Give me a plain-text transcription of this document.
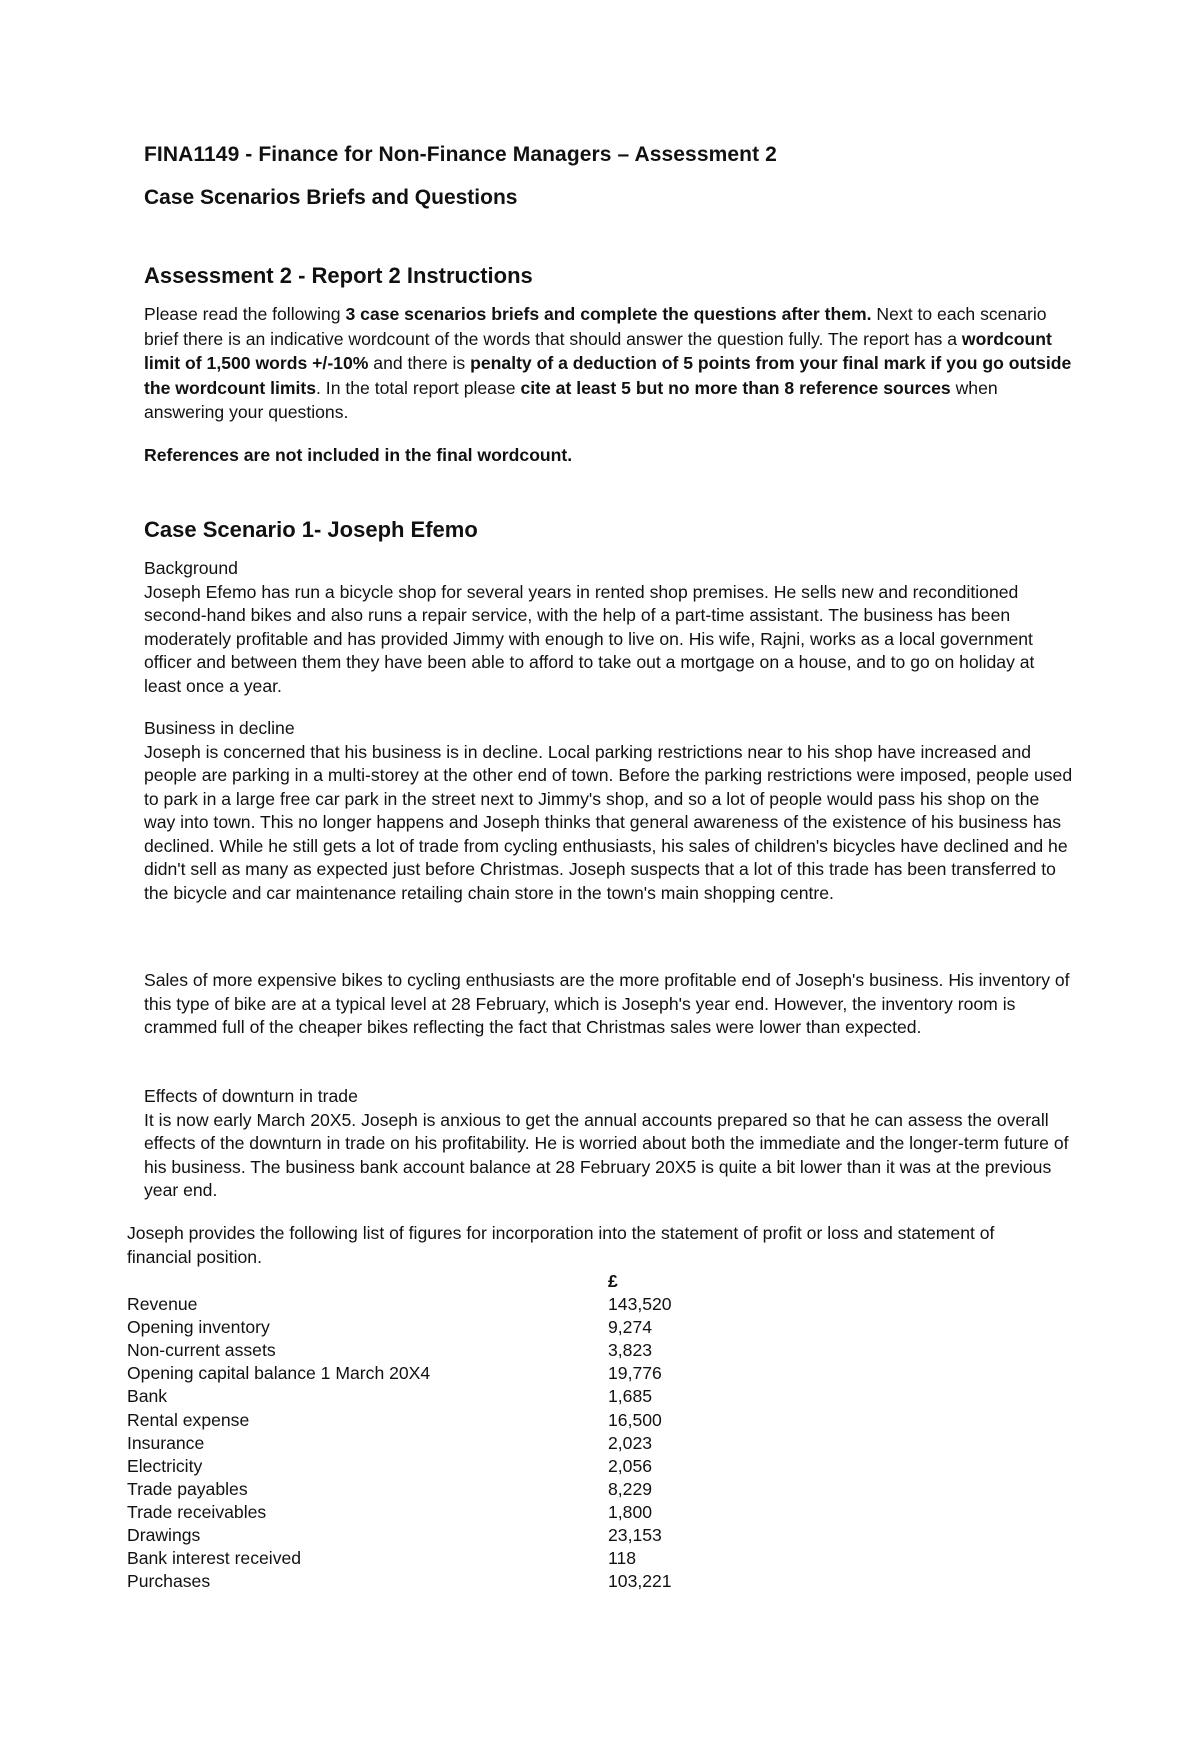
FINA1149 - Finance for Non-Finance Managers – Assessment 2
Case Scenarios Briefs and Questions
Assessment 2 - Report 2 Instructions

Please read the following 3 case scenarios briefs and complete the questions after them. Next to each scenario brief there is an indicative wordcount of the words that should answer the question fully. The report has a wordcount limit of 1,500 words +/-10% and there is penalty of a deduction of 5 points from your final mark if you go outside the wordcount limits. In the total report please cite at least 5 but no more than 8 reference sources when answering your questions.

References are not included in the final wordcount.

Case Scenario 1- Joseph Efemo
Background
Joseph Efemo has run a bicycle shop for several years in rented shop premises. He sells new and reconditioned second-hand bikes and also runs a repair service, with the help of a part-time assistant. The business has been moderately profitable and has provided Jimmy with enough to live on. His wife, Rajni, works as a local government officer and between them they have been able to afford to take out a mortgage on a house, and to go on holiday at least once a year.
Business in decline
Joseph is concerned that his business is in decline. Local parking restrictions near to his shop have increased and people are parking in a multi-storey at the other end of town. Before the parking restrictions were imposed, people used to park in a large free car park in the street next to Jimmy's shop, and so a lot of people would pass his shop on the way into town. This no longer happens and Joseph thinks that general awareness of the existence of his business has declined. While he still gets a lot of trade from cycling enthusiasts, his sales of children's bicycles have declined and he didn't sell as many as expected just before Christmas. Joseph suspects that a lot of this trade has been transferred to the bicycle and car maintenance retailing chain store in the town's main shopping centre.
Sales of more expensive bikes to cycling enthusiasts are the more profitable end of Joseph's business. His inventory of this type of bike are at a typical level at 28 February, which is Joseph's year end. However, the inventory room is crammed full of the cheaper bikes reflecting the fact that Christmas sales were lower than expected.
Effects of downturn in trade
It is now early March 20X5. Joseph is anxious to get the annual accounts prepared so that he can assess the overall effects of the downturn in trade on his profitability. He is worried about both the immediate and the longer-term future of his business. The business bank account balance at 28 February 20X5 is quite a bit lower than it was at the previous year end.

Joseph provides the following list of figures for incorporation into the statement of profit or loss and statement of financial position.

£
Revenue	143,520
Opening inventory	9,274
Non-current assets	3,823
Opening capital balance 1 March 20X4	19,776
Bank	1,685
Rental expense	16,500
Insurance	2,023
Electricity	2,056
Trade payables	8,229
Trade receivables	1,800
Drawings	23,153
Bank interest received	118
Purchases	103,221
